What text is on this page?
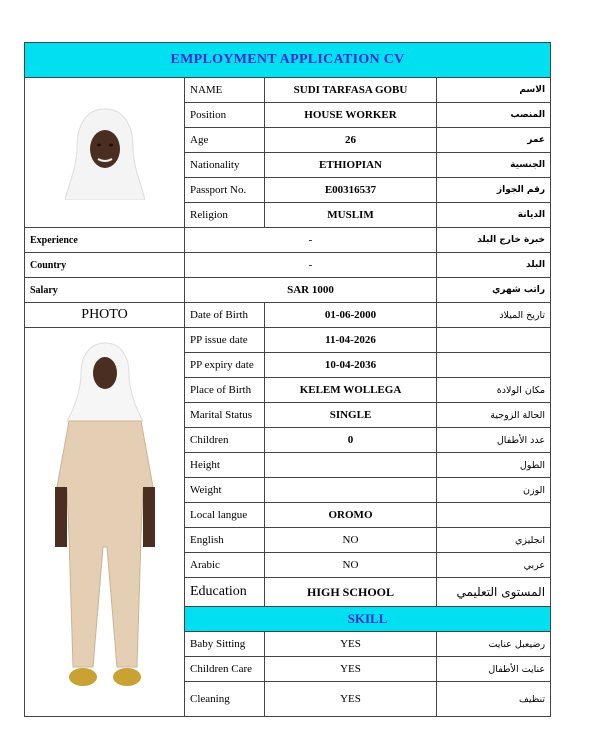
EMPLOYMENT APPLICATION CV			

	NAME	SUDI TARFASA GOBU	الاسم
	Position	HOUSE WORKER	المنصب
	Age	26	عمر
	Nationality	ETHIOPIAN	الجنسية
	Passport No.	E00316537	رقم الجواز
	Religion	MUSLIM	الديانة
Experience	-		خبرة خارج البلد
Country	-		البلد
Salary	SAR 1000		راتب شهري
PHOTO	Date of Birth	01-06-2000	تاريخ الميلاد

	PP issue date	11-04-2026	
	PP expiry date	10-04-2036	
	Place of Birth	KELEM WOLLEGA	مكان الولادة
	Marital Status	SINGLE	الحالة الزوجية
	Children	0	عدد الأطفال
	Height		الطول
	Weight		الوزن
	Local langue	OROMO	
	English	NO	انجليزي
	Arabic	NO	عربي
	Education	HIGH SCHOOL	المستوى التعليمي
	SKILL		
	Baby Sitting	YES	رضيعبل عنايت
	Children Care	YES	عنايت الأطفال
	Cleaning	YES	تنظيف
